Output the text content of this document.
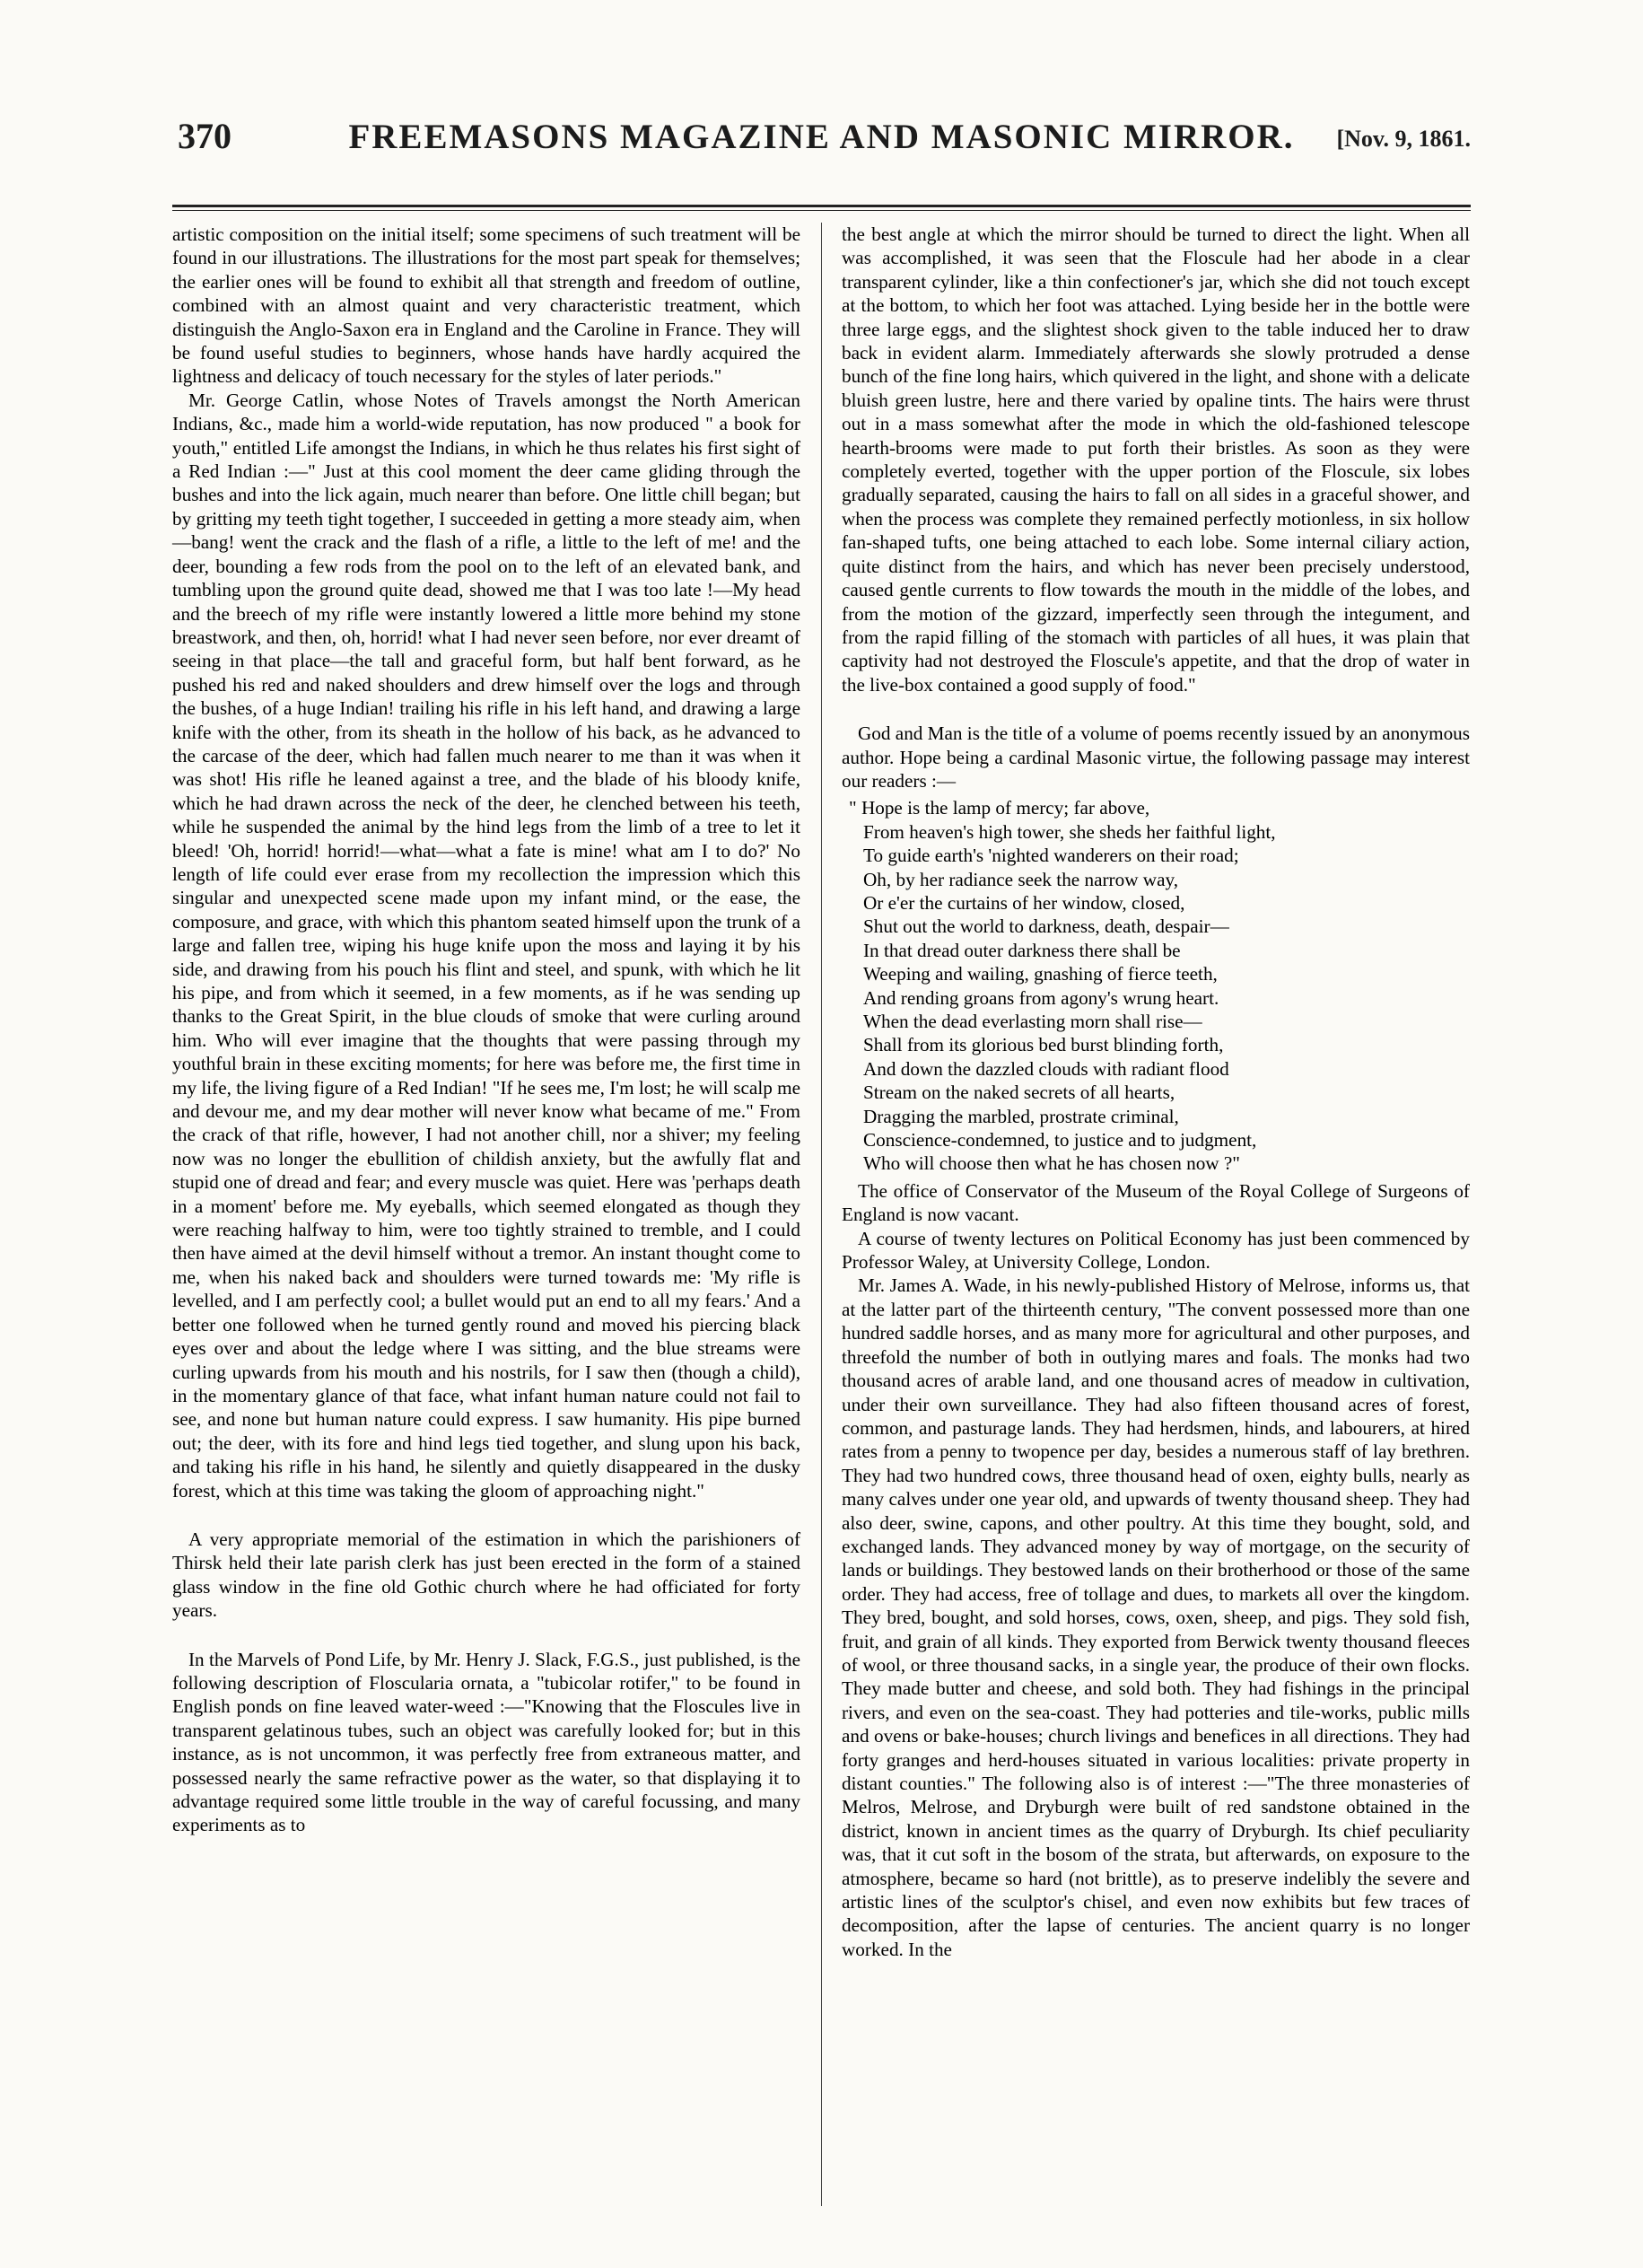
370	FREEMASONS MAGAZINE AND MASONIC MIRROR.	[Nov. 9, 1861.

artistic composition on the initial itself; some specimens of such treatment will be found in our illustrations. The illustrations for the most part speak for themselves; the earlier ones will be found to exhibit all that strength and freedom of outline, combined with an almost quaint and very characteristic treatment, which distinguish the Anglo-Saxon era in England and the Caroline in France. They will be found useful studies to beginners, whose hands have hardly acquired the lightness and delicacy of touch necessary for the styles of later periods."

Mr. George Catlin, whose Notes of Travels amongst the North American Indians, &c., made him a world-wide reputation, has now produced " a book for youth," entitled Life amongst the Indians, in which he thus relates his first sight of a Red Indian :—" Just at this cool moment the deer came gliding through the bushes and into the lick again, much nearer than before. One little chill began; but by gritting my teeth tight together, I succeeded in getting a more steady aim, when—bang! went the crack and the flash of a rifle, a little to the left of me! and the deer, bounding a few rods from the pool on to the left of an elevated bank, and tumbling upon the ground quite dead, showed me that I was too late !—My head and the breech of my rifle were instantly lowered a little more behind my stone breastwork, and then, oh, horrid! what I had never seen before, nor ever dreamt of seeing in that place—the tall and graceful form, but half bent forward, as he pushed his red and naked shoulders and drew himself over the logs and through the bushes, of a huge Indian! trailing his rifle in his left hand, and drawing a large knife with the other, from its sheath in the hollow of his back, as he advanced to the carcase of the deer, which had fallen much nearer to me than it was when it was shot! His rifle he leaned against a tree, and the blade of his bloody knife, which he had drawn across the neck of the deer, he clenched between his teeth, while he suspended the animal by the hind legs from the limb of a tree to let it bleed! 'Oh, horrid! horrid!—what—what a fate is mine! what am I to do?' No length of life could ever erase from my recollection the impression which this singular and unexpected scene made upon my infant mind, or the ease, the composure, and grace, with which this phantom seated himself upon the trunk of a large and fallen tree, wiping his huge knife upon the moss and laying it by his side, and drawing from his pouch his flint and steel, and spunk, with which he lit his pipe, and from which it seemed, in a few moments, as if he was sending up thanks to the Great Spirit, in the blue clouds of smoke that were curling around him. Who will ever imagine that the thoughts that were passing through my youthful brain in these exciting moments; for here was before me, the first time in my life, the living figure of a Red Indian! "If he sees me, I'm lost; he will scalp me and devour me, and my dear mother will never know what became of me." From the crack of that rifle, however, I had not another chill, nor a shiver; my feeling now was no longer the ebullition of childish anxiety, but the awfully flat and stupid one of dread and fear; and every muscle was quiet. Here was 'perhaps death in a moment' before me. My eyeballs, which seemed elongated as though they were reaching halfway to him, were too tightly strained to tremble, and I could then have aimed at the devil himself without a tremor. An instant thought come to me, when his naked back and shoulders were turned towards me: 'My rifle is levelled, and I am perfectly cool; a bullet would put an end to all my fears.' And a better one followed when he turned gently round and moved his piercing black eyes over and about the ledge where I was sitting, and the blue streams were curling upwards from his mouth and his nostrils, for I saw then (though a child), in the momentary glance of that face, what infant human nature could not fail to see, and none but human nature could express. I saw humanity. His pipe burned out; the deer, with its fore and hind legs tied together, and slung upon his back, and taking his rifle in his hand, he silently and quietly disappeared in the dusky forest, which at this time was taking the gloom of approaching night."

A very appropriate memorial of the estimation in which the parishioners of Thirsk held their late parish clerk has just been erected in the form of a stained glass window in the fine old Gothic church where he had officiated for forty years.

In the Marvels of Pond Life, by Mr. Henry J. Slack, F.G.S., just published, is the following description of Floscularia ornata, a "tubicolar rotifer," to be found in English ponds on fine leaved water-weed :—"Knowing that the Floscules live in transparent gelatinous tubes, such an object was carefully looked for; but in this instance, as is not uncommon, it was perfectly free from extraneous matter, and possessed nearly the same refractive power as the water, so that displaying it to advantage required some little trouble in the way of careful focussing, and many experiments as to

the best angle at which the mirror should be turned to direct the light. When all was accomplished, it was seen that the Floscule had her abode in a clear transparent cylinder, like a thin confectioner's jar, which she did not touch except at the bottom, to which her foot was attached. Lying beside her in the bottle were three large eggs, and the slightest shock given to the table induced her to draw back in evident alarm. Immediately afterwards she slowly protruded a dense bunch of the fine long hairs, which quivered in the light, and shone with a delicate bluish green lustre, here and there varied by opaline tints. The hairs were thrust out in a mass somewhat after the mode in which the old-fashioned telescope hearth-brooms were made to put forth their bristles. As soon as they were completely everted, together with the upper portion of the Floscule, six lobes gradually separated, causing the hairs to fall on all sides in a graceful shower, and when the process was complete they remained perfectly motionless, in six hollow fan-shaped tufts, one being attached to each lobe. Some internal ciliary action, quite distinct from the hairs, and which has never been precisely understood, caused gentle currents to flow towards the mouth in the middle of the lobes, and from the motion of the gizzard, imperfectly seen through the integument, and from the rapid filling of the stomach with particles of all hues, it was plain that captivity had not destroyed the Floscule's appetite, and that the drop of water in the live-box contained a good supply of food."

God and Man is the title of a volume of poems recently issued by an anonymous author. Hope being a cardinal Masonic virtue, the following passage may interest our readers :—

" Hope is the lamp of mercy; far above,
From heaven's high tower, she sheds her faithful light,
To guide earth's 'nighted wanderers on their road;
Oh, by her radiance seek the narrow way,
Or e'er the curtains of her window, closed,
Shut out the world to darkness, death, despair—
In that dread outer darkness there shall be
Weeping and wailing, gnashing of fierce teeth,
And rending groans from agony's wrung heart.
When the dead everlasting morn shall rise—
Shall from its glorious bed burst blinding forth,
And down the dazzled clouds with radiant flood
Stream on the naked secrets of all hearts,
Dragging the marbled, prostrate criminal,
Conscience-condemned, to justice and to judgment,
Who will choose then what he has chosen now ?"

The office of Conservator of the Museum of the Royal College of Surgeons of England is now vacant.

A course of twenty lectures on Political Economy has just been commenced by Professor Waley, at University College, London.

Mr. James A. Wade, in his newly-published History of Melrose, informs us, that at the latter part of the thirteenth century, "The convent possessed more than one hundred saddle horses, and as many more for agricultural and other purposes, and threefold the number of both in outlying mares and foals. The monks had two thousand acres of arable land, and one thousand acres of meadow in cultivation, under their own surveillance. They had also fifteen thousand acres of forest, common, and pasturage lands. They had herdsmen, hinds, and labourers, at hired rates from a penny to twopence per day, besides a numerous staff of lay brethren. They had two hundred cows, three thousand head of oxen, eighty bulls, nearly as many calves under one year old, and upwards of twenty thousand sheep. They had also deer, swine, capons, and other poultry. At this time they bought, sold, and exchanged lands. They advanced money by way of mortgage, on the security of lands or buildings. They bestowed lands on their brotherhood or those of the same order. They had access, free of tollage and dues, to markets all over the kingdom. They bred, bought, and sold horses, cows, oxen, sheep, and pigs. They sold fish, fruit, and grain of all kinds. They exported from Berwick twenty thousand fleeces of wool, or three thousand sacks, in a single year, the produce of their own flocks. They made butter and cheese, and sold both. They had fishings in the principal rivers, and even on the sea-coast. They had potteries and tile-works, public mills and ovens or bake-houses; church livings and benefices in all directions. They had forty granges and herd-houses situated in various localities: private property in distant counties." The following also is of interest :—"The three monasteries of Melros, Melrose, and Dryburgh were built of red sandstone obtained in the district, known in ancient times as the quarry of Dryburgh. Its chief peculiarity was, that it cut soft in the bosom of the strata, but afterwards, on exposure to the atmosphere, became so hard (not brittle), as to preserve indelibly the severe and artistic lines of the sculptor's chisel, and even now exhibits but few traces of decomposition, after the lapse of centuries. The ancient quarry is no longer worked. In the
